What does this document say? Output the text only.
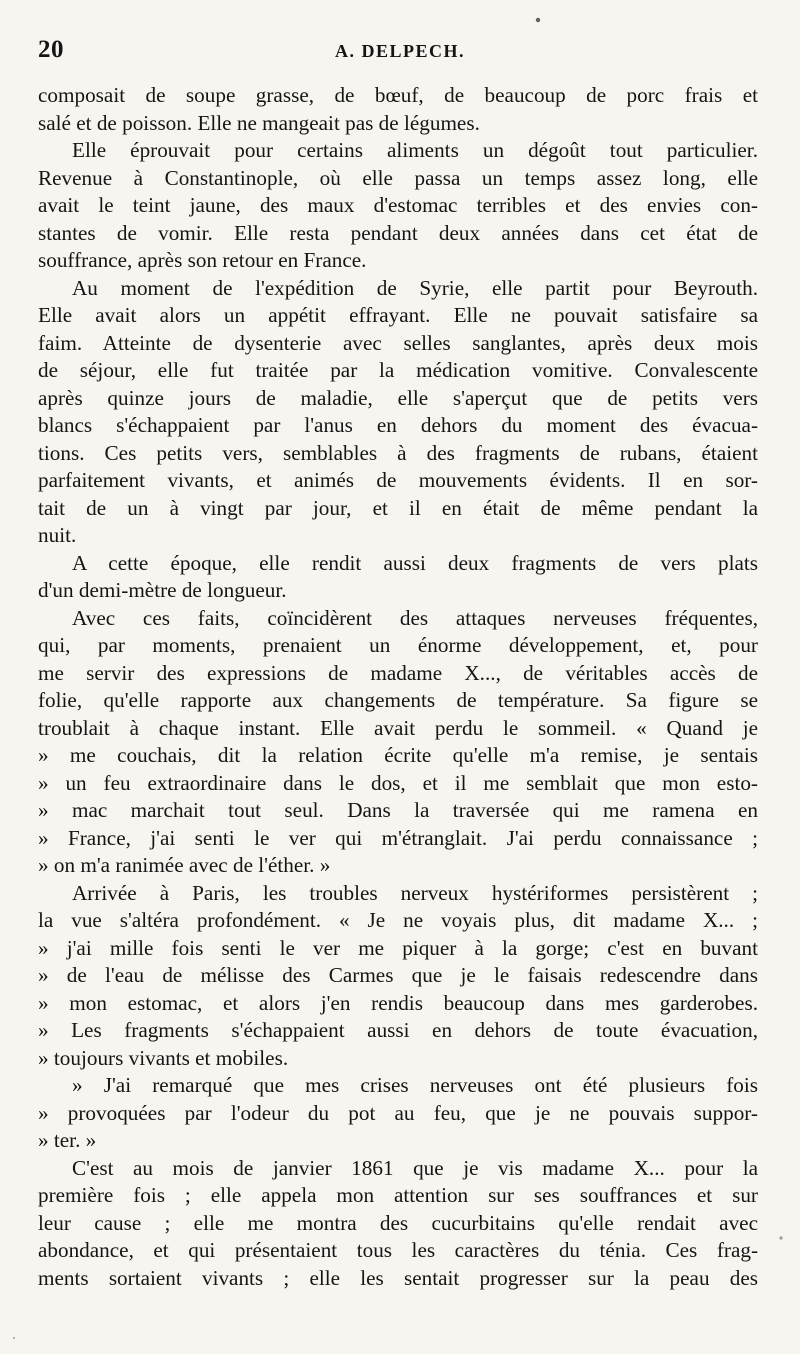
20	A. DELPECH.
composait de soupe grasse, de bœuf, de beaucoup de porc frais et
salé et de poisson. Elle ne mangeait pas de légumes.
Elle éprouvait pour certains aliments un dégoût tout particulier.
Revenue à Constantinople, où elle passa un temps assez long, elle
avait le teint jaune, des maux d'estomac terribles et des envies con-
stantes de vomir. Elle resta pendant deux années dans cet état de
souffrance, après son retour en France.
Au moment de l'expédition de Syrie, elle partit pour Beyrouth.
Elle avait alors un appétit effrayant. Elle ne pouvait satisfaire sa
faim. Atteinte de dysenterie avec selles sanglantes, après deux mois
de séjour, elle fut traitée par la médication vomitive. Convalescente
après quinze jours de maladie, elle s'aperçut que de petits vers
blancs s'échappaient par l'anus en dehors du moment des évacua-
tions. Ces petits vers, semblables à des fragments de rubans, étaient
parfaitement vivants, et animés de mouvements évidents. Il en sor-
tait de un à vingt par jour, et il en était de même pendant la
nuit.
A cette époque, elle rendit aussi deux fragments de vers plats
d'un demi-mètre de longueur.
Avec ces faits, coïncidèrent des attaques nerveuses fréquentes,
qui, par moments, prenaient un énorme développement, et, pour
me servir des expressions de madame X..., de véritables accès de
folie, qu'elle rapporte aux changements de température. Sa figure se
troublait à chaque instant. Elle avait perdu le sommeil. « Quand je
» me couchais, dit la relation écrite qu'elle m'a remise, je sentais
» un feu extraordinaire dans le dos, et il me semblait que mon esto-
» mac marchait tout seul. Dans la traversée qui me ramena en
» France, j'ai senti le ver qui m'étranglait. J'ai perdu connaissance ;
» on m'a ranimée avec de l'éther. »
Arrivée à Paris, les troubles nerveux hystériformes persistèrent ;
la vue s'altéra profondément. « Je ne voyais plus, dit madame X... ;
» j'ai mille fois senti le ver me piquer à la gorge; c'est en buvant
» de l'eau de mélisse des Carmes que je le faisais redescendre dans
» mon estomac, et alors j'en rendis beaucoup dans mes garderobes.
» Les fragments s'échappaient aussi en dehors de toute évacuation,
» toujours vivants et mobiles.
» J'ai remarqué que mes crises nerveuses ont été plusieurs fois
» provoquées par l'odeur du pot au feu, que je ne pouvais suppor-
» ter. »
C'est au mois de janvier 1861 que je vis madame X... pour la
première fois ; elle appela mon attention sur ses souffrances et sur
leur cause ; elle me montra des cucurbitains qu'elle rendait avec
abondance, et qui présentaient tous les caractères du ténia. Ces frag-
ments sortaient vivants ; elle les sentait progresser sur la peau des
